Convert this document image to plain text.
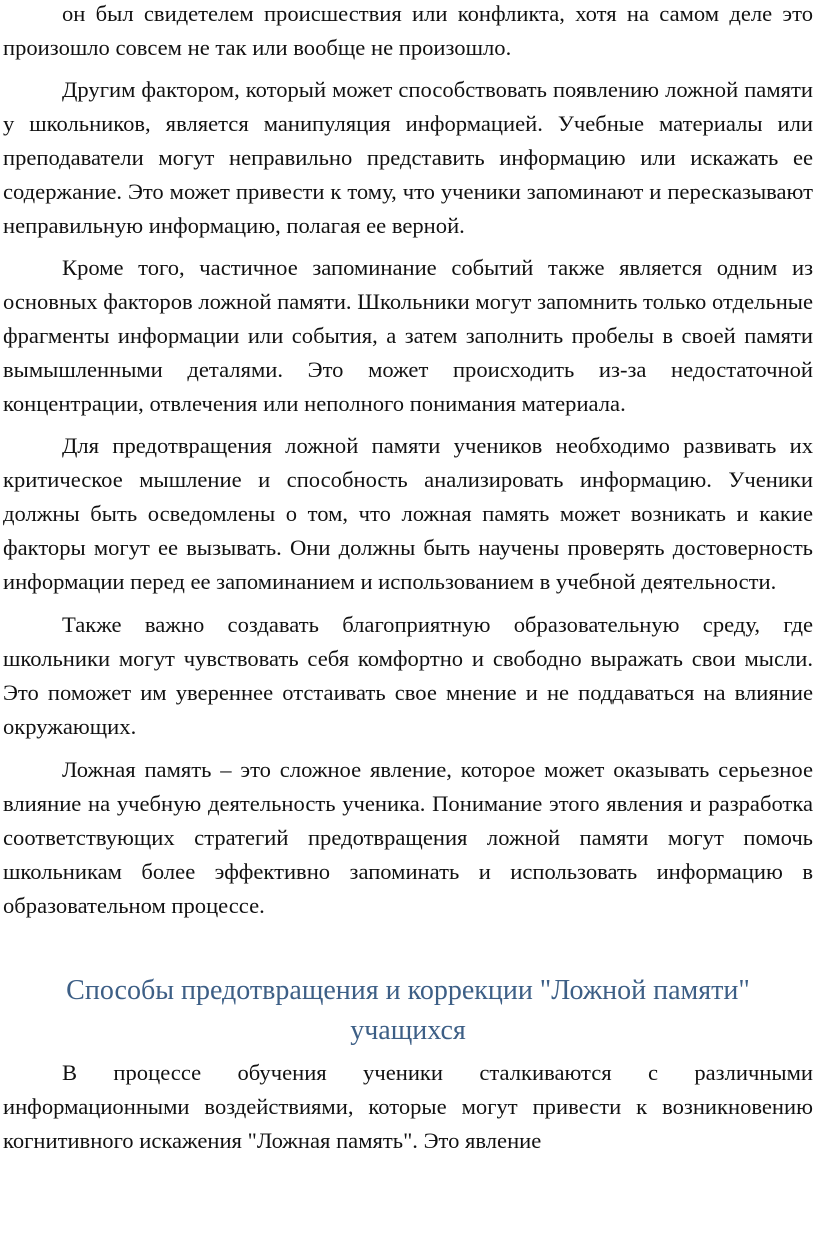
он был свидетелем происшествия или конфликта, хотя на самом деле это произошло совсем не так или вообще не произошло.

Другим фактором, который может способствовать появлению ложной памяти у школьников, является манипуляция информацией. Учебные материалы или преподаватели могут неправильно представить информацию или искажать ее содержание. Это может привести к тому, что ученики запоминают и пересказывают неправильную информацию, полагая ее верной.

Кроме того, частичное запоминание событий также является одним из основных факторов ложной памяти. Школьники могут запомнить только отдельные фрагменты информации или события, а затем заполнить пробелы в своей памяти вымышленными деталями. Это может происходить из-за недостаточной концентрации, отвлечения или неполного понимания материала.

Для предотвращения ложной памяти учеников необходимо развивать их критическое мышление и способность анализировать информацию. Ученики должны быть осведомлены о том, что ложная память может возникать и какие факторы могут ее вызывать. Они должны быть научены проверять достоверность информации перед ее запоминанием и использованием в учебной деятельности.

Также важно создавать благоприятную образовательную среду, где школьники могут чувствовать себя комфортно и свободно выражать свои мысли. Это поможет им увереннее отстаивать свое мнение и не поддаваться на влияние окружающих.

Ложная память – это сложное явление, которое может оказывать серьезное влияние на учебную деятельность ученика. Понимание этого явления и разработка соответствующих стратегий предотвращения ложной памяти могут помочь школьникам более эффективно запоминать и использовать информацию в образовательном процессе.

Способы предотвращения и коррекции "Ложной памяти" учащихся

В процессе обучения ученики сталкиваются с различными информационными воздействиями, которые могут привести к возникновению когнитивного искажения "Ложная память". Это явление
